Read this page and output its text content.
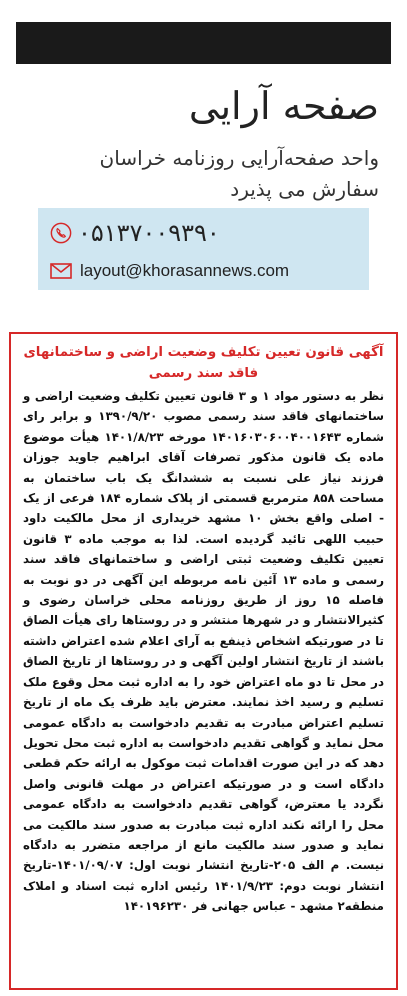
صفحه آرایی
واحد صفحه‌آرایی روزنامه خراسان
سفارش می پذیرد
۰۵۱۳۷۰۰۹۳۹۰
layout@khorasannews.com
آگهی قانون تعیین تکلیف وضعیت اراضی و ساختمانهای فاقد سند رسمی
نظر به دستور مواد ۱ و ۳ قانون تعیین تکلیف وضعیت اراضی و ساختمانهای فاقد سند رسمی مصوب ۱۳۹۰/۹/۲۰ و برابر رای شماره ۱۴۰۱۶۰۳۰۶۰۰۴۰۰۱۶۴۳ مورخه ۱۴۰۱/۸/۲۳ هیأت موضوع ماده یک قانون مذکور تصرفات آقای ابراهیم جاوید جوزان فرزند نیاز علی نسبت به ششدانگ یک باب ساختمان به مساحت ۸۵۸ مترمربع قسمتی از پلاک شماره ۱۸۴ فرعی از یک - اصلی واقع بخش ۱۰ مشهد خریداری از محل مالکیت داود حبیب اللهی تائید گردیده است. لذا به موجب ماده ۳ قانون تعیین تکلیف وضعیت ثبتی اراضی و ساختمانهای فاقد سند رسمی و ماده ۱۳ آئین نامه مربوطه این آگهی در دو نوبت به فاصله ۱۵ روز از طریق روزنامه محلی خراسان رضوی و کثیرالانتشار و در شهرها منتشر و در روستاها رای هیأت الصاق تا در صورتیکه اشخاص ذینفع به آرای اعلام شده اعتراض داشته باشند از تاریخ انتشار اولین آگهی و در روستاها از تاریخ الصاق در محل تا دو ماه اعتراض خود را به اداره ثبت محل وقوع ملک تسلیم و رسید اخذ نمایند. معترض باید ظرف یک ماه از تاریخ تسلیم اعتراض مبادرت به تقدیم دادخواست به دادگاه عمومی محل نماید و گواهی تقدیم دادخواست به اداره ثبت محل تحویل دهد که در این صورت اقدامات ثبت موکول به ارائه حکم قطعی دادگاه است و در صورتیکه اعتراض در مهلت قانونی واصل نگردد یا معترض، گواهی تقدیم دادخواست به دادگاه عمومی محل را ارائه نکند اداره ثبت مبادرت به صدور سند مالکیت می نماید و صدور سند مالکیت مانع از مراجعه متضرر به دادگاه نیست. م الف ۲۰۵-تاریخ انتشار نوبت اول: ۱۴۰۱/۰۹/۰۷-تاریخ انتشار نوبت دوم: ۱۴۰۱/۹/۲۳ رئیس اداره ثبت اسناد و املاک منطقه۲ مشهد - عباس جهانی فر ۱۴۰۱۹۶۲۳۰
